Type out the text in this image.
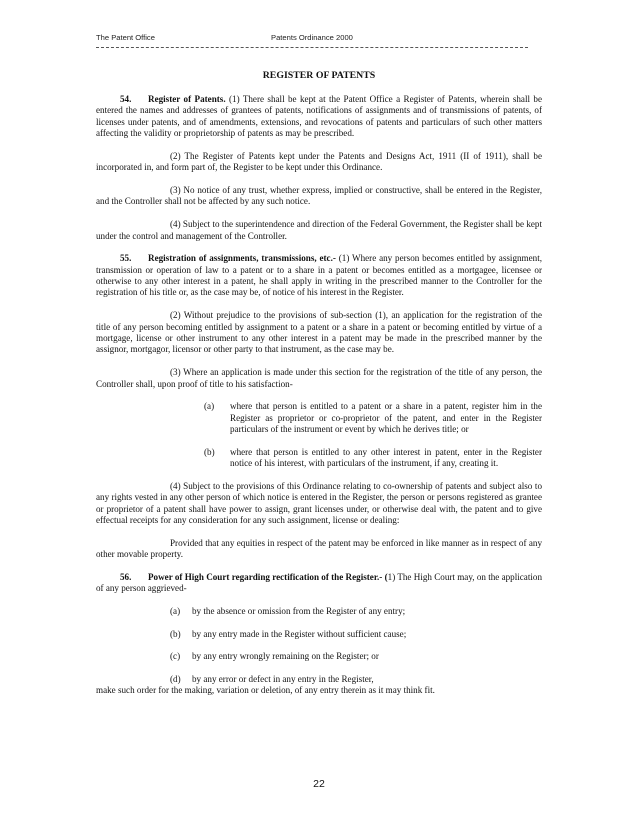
The Patent Office	Patents Ordinance 2000
REGISTER OF PATENTS

54. Register of Patents. (1) There shall be kept at the Patent Office a Register of Patents, wherein shall be entered the names and addresses of grantees of patents, notifications of assignments and of transmissions of patents, of licenses under patents, and of amendments, extensions, and revocations of patents and particulars of such other matters affecting the validity or proprietorship of patents as may be prescribed.

(2) The Register of Patents kept under the Patents and Designs Act, 1911 (II of 1911), shall be incorporated in, and form part of, the Register to be kept under this Ordinance.

(3) No notice of any trust, whether express, implied or constructive, shall be entered in the Register, and the Controller shall not be affected by any such notice.

(4) Subject to the superintendence and direction of the Federal Government, the Register shall be kept under the control and management of the Controller.

55. Registration of assignments, transmissions, etc.- (1) Where any person becomes entitled by assignment, transmission or operation of law to a patent or to a share in a patent or becomes entitled as a mortgagee, licensee or otherwise to any other interest in a patent, he shall apply in writing in the prescribed manner to the Controller for the registration of his title or, as the case may be, of notice of his interest in the Register.

(2) Without prejudice to the provisions of sub-section (1), an application for the registration of the title of any person becoming entitled by assignment to a patent or a share in a patent or becoming entitled by virtue of a mortgage, license or other instrument to any other interest in a patent may be made in the prescribed manner by the assignor, mortgagor, licensor or other party to that instrument, as the case may be.

(3) Where an application is made under this section for the registration of the title of any person, the Controller shall, upon proof of title to his satisfaction-

(a) where that person is entitled to a patent or a share in a patent, register him in the Register as proprietor or co-proprietor of the patent, and enter in the Register particulars of the instrument or event by which he derives title; or
(b) where that person is entitled to any other interest in patent, enter in the Register notice of his interest, with particulars of the instrument, if any, creating it.

(4) Subject to the provisions of this Ordinance relating to co-ownership of patents and subject also to any rights vested in any other person of which notice is entered in the Register, the person or persons registered as grantee or proprietor of a patent shall have power to assign, grant licenses under, or otherwise deal with, the patent and to give effectual receipts for any consideration for any such assignment, license or dealing:

Provided that any equities in respect of the patent may be enforced in like manner as in respect of any other movable property.

56. Power of High Court regarding rectification of the Register.- (1) The High Court may, on the application of any person aggrieved-

(a) by the absence or omission from the Register of any entry;
(b) by any entry made in the Register without sufficient cause;
(c) by any entry wrongly remaining on the Register; or
(d) by any error or defect in any entry in the Register,

make such order for the making, variation or deletion, of any entry therein as it may think fit.

22
